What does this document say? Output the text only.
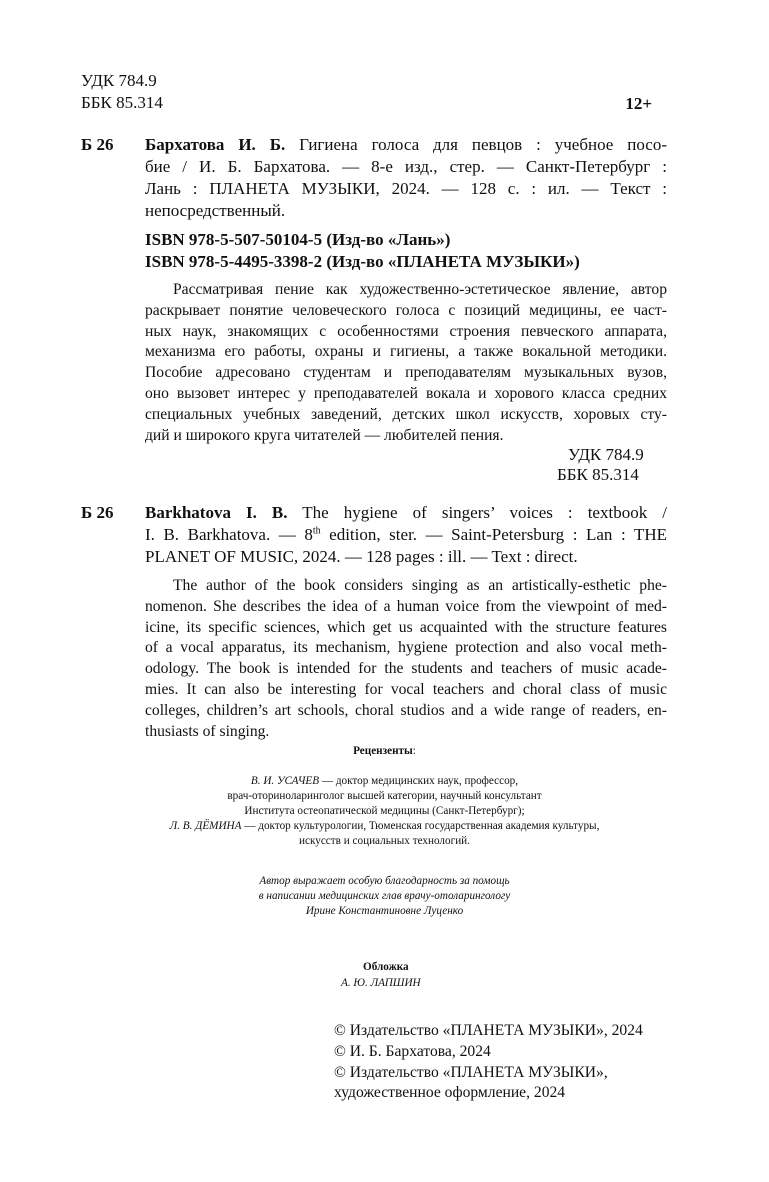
УДК 784.9
ББК 85.314	12+
Б 26 Бархатова И. Б. Гигиена голоса для певцов : учебное посо-
бие / И. Б. Бархатова. — 8-е изд., стер. — Санкт-Петербург :
Лань : ПЛАНЕТА МУЗЫКИ, 2024. — 128 с. : ил. — Текст :
непосредственный.
ISBN 978-5-507-50104-5 (Изд-во «Лань»)
ISBN 978-5-4495-3398-2 (Изд-во «ПЛАНЕТА МУЗЫКИ»)
Рассматривая пение как художественно-эстетическое явление, автор
раскрывает понятие человеческого голоса с позиций медицины, ее част-
ных наук, знакомящих с особенностями строения певческого аппарата,
механизма его работы, охраны и гигиены, а также вокальной методики.
Пособие адресовано студентам и преподавателям музыкальных вузов,
оно вызовет интерес у преподавателей вокала и хорового класса средних
специальных учебных заведений, детских школ искусств, хоровых сту-
дий и широкого круга читателей — любителей пения.
УДК 784.9
ББК 85.314
Б 26 Barkhatova I. B. The hygiene of singers’ voices : textbook /
I. B. Barkhatova. — 8th edition, ster. — Saint-Petersburg : Lan : THE
PLANET OF MUSIC, 2024. — 128 pages : ill. — Text : direct.
The author of the book considers singing as an artistically-esthetic phe-
nomenon. She describes the idea of a human voice from the viewpoint of med-
icine, its specific sciences, which get us acquainted with the structure features
of a vocal apparatus, its mechanism, hygiene protection and also vocal meth-
odology. The book is intended for the students and teachers of music acade-
mies. It can also be interesting for vocal teachers and choral class of music
colleges, children’s art schools, choral studios and a wide range of readers, en-
thusiasts of singing.
Рецензенты:
В. И. УСАЧЕВ — доктор медицинских наук, профессор,
врач-оториноларинголог высшей категории, научный консультант
Института остеопатической медицины (Санкт-Петербург);
Л. В. ДЁМИНА — доктор культурологии, Тюменская государственная академия культуры,
искусств и социальных технологий.
Автор выражает особую благодарность за помощь
в написании медицинских глав врачу-отоларингологу
Ирине Константиновне Луценко
Обложка
А. Ю. ЛАПШИН
© Издательство «ПЛАНЕТА МУЗЫКИ», 2024
© И. Б. Бархатова, 2024
© Издательство «ПЛАНЕТА МУЗЫКИ»,
художественное оформление, 2024
